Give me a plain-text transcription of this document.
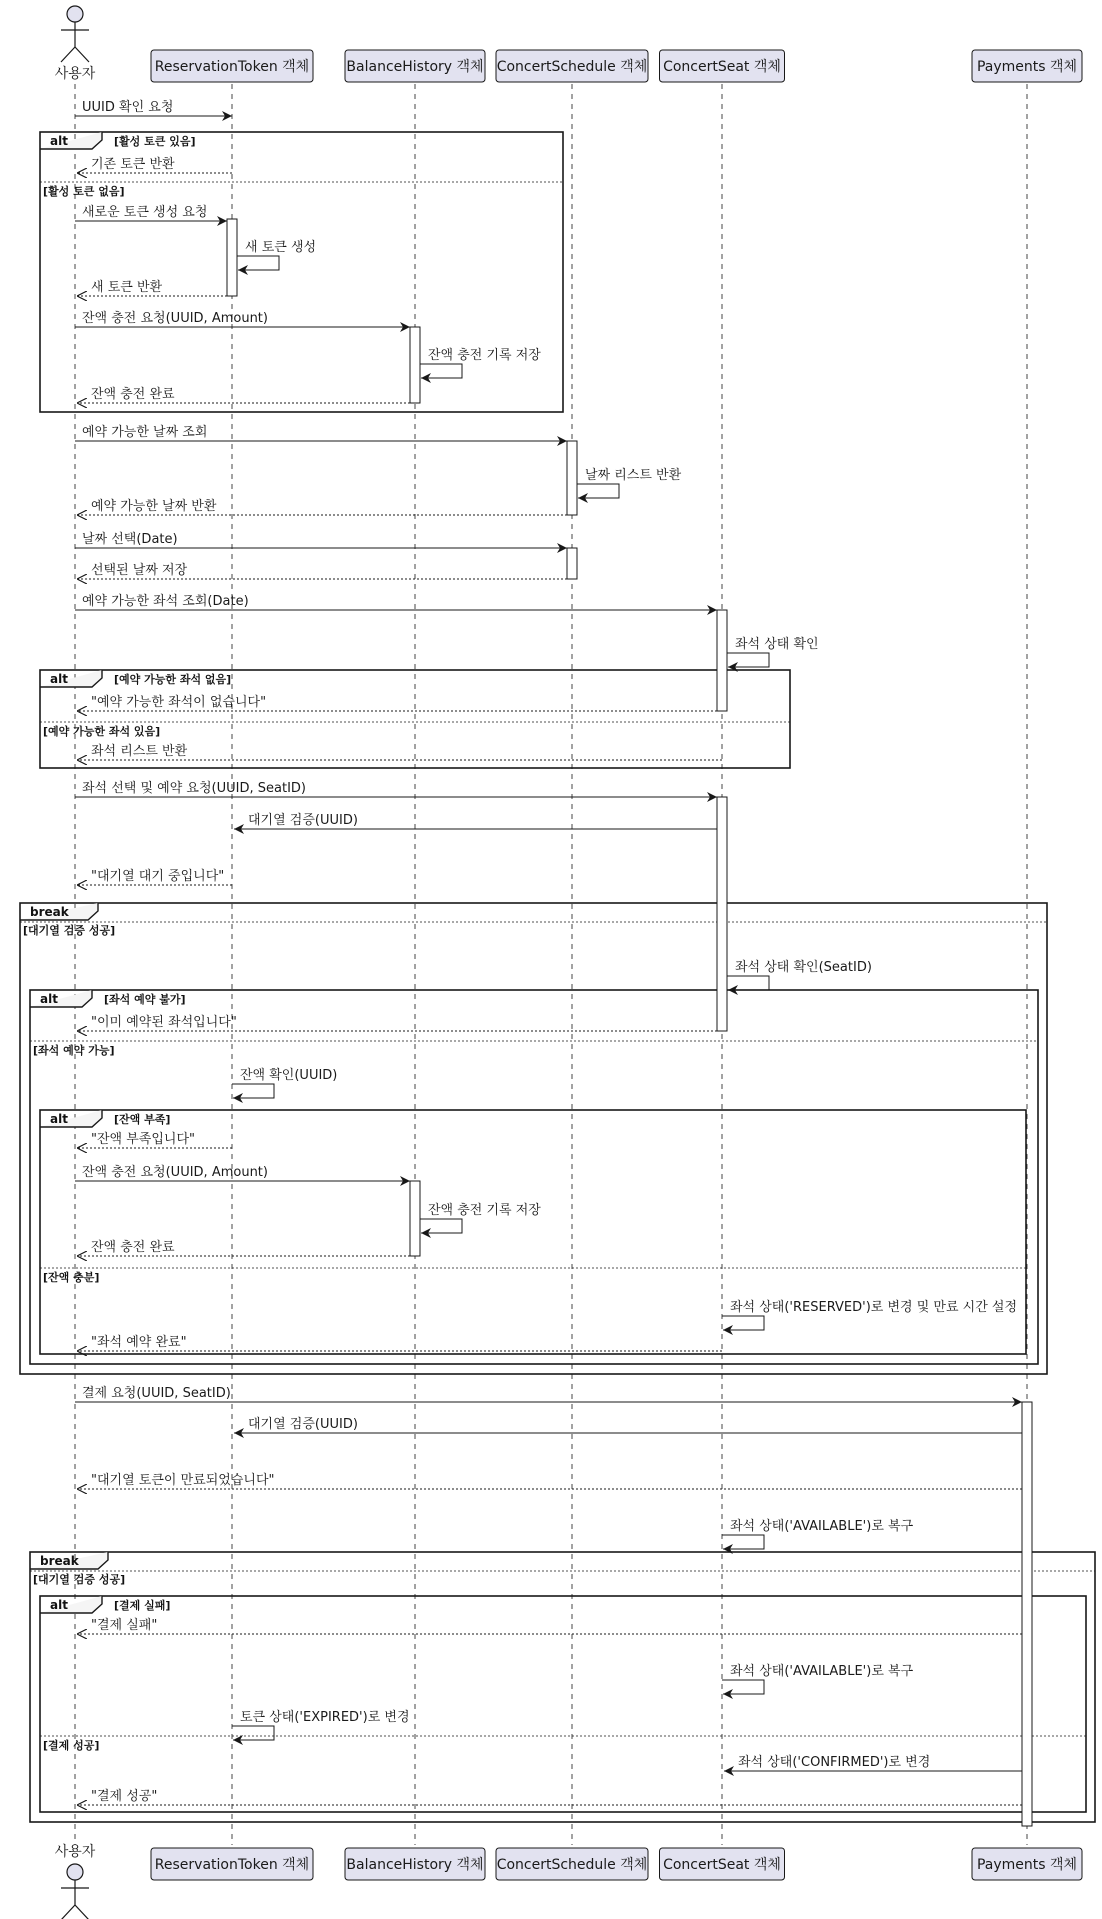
alt	[활성 토큰 있음]
[활성 토큰 없음]
alt	[예약 가능한 좌석 없음]
[예약 가능한 좌석 있음]
break
[대기열 검증 성공]
alt	[좌석 예약 불가]
[좌석 예약 가능]
alt	[잔액 부족]
[잔액 충분]
break
[대기열 검증 성공]
alt	[결제 실패]
[결제 성공]
UUID 확인 요청
기존 토큰 반환
새로운 토큰 생성 요청
새 토큰 생성
새 토큰 반환
잔액 충전 요청(UUID, Amount)
잔액 충전 기록 저장
잔액 충전 완료
예약 가능한 날짜 조회
날짜 리스트 반환
예약 가능한 날짜 반환
날짜 선택(Date)
선택된 날짜 저장
예약 가능한 좌석 조회(Date)
좌석 상태 확인
"예약 가능한 좌석이 없습니다"
좌석 리스트 반환
좌석 선택 및 예약 요청(UUID, SeatID)
대기열 검증(UUID)
"대기열 대기 중입니다"
좌석 상태 확인(SeatID)
"이미 예약된 좌석입니다"
잔액 확인(UUID)
"잔액 부족입니다"
잔액 충전 요청(UUID, Amount)
잔액 충전 기록 저장
잔액 충전 완료
좌석 상태('RESERVED')로 변경 및 만료 시간 설정
"좌석 예약 완료"
결제 요청(UUID, SeatID)
대기열 검증(UUID)
"대기열 토큰이 만료되었습니다"
좌석 상태('AVAILABLE')로 복구
"결제 실패"
좌석 상태('AVAILABLE')로 복구
토큰 상태('EXPIRED')로 변경
좌석 상태('CONFIRMED')로 변경
"결제 성공"
사용자
사용자
ReservationToken 객체
ReservationToken 객체
BalanceHistory 객체
BalanceHistory 객체
ConcertSchedule 객체
ConcertSchedule 객체
ConcertSeat 객체
ConcertSeat 객체
Payments 객체
Payments 객체
